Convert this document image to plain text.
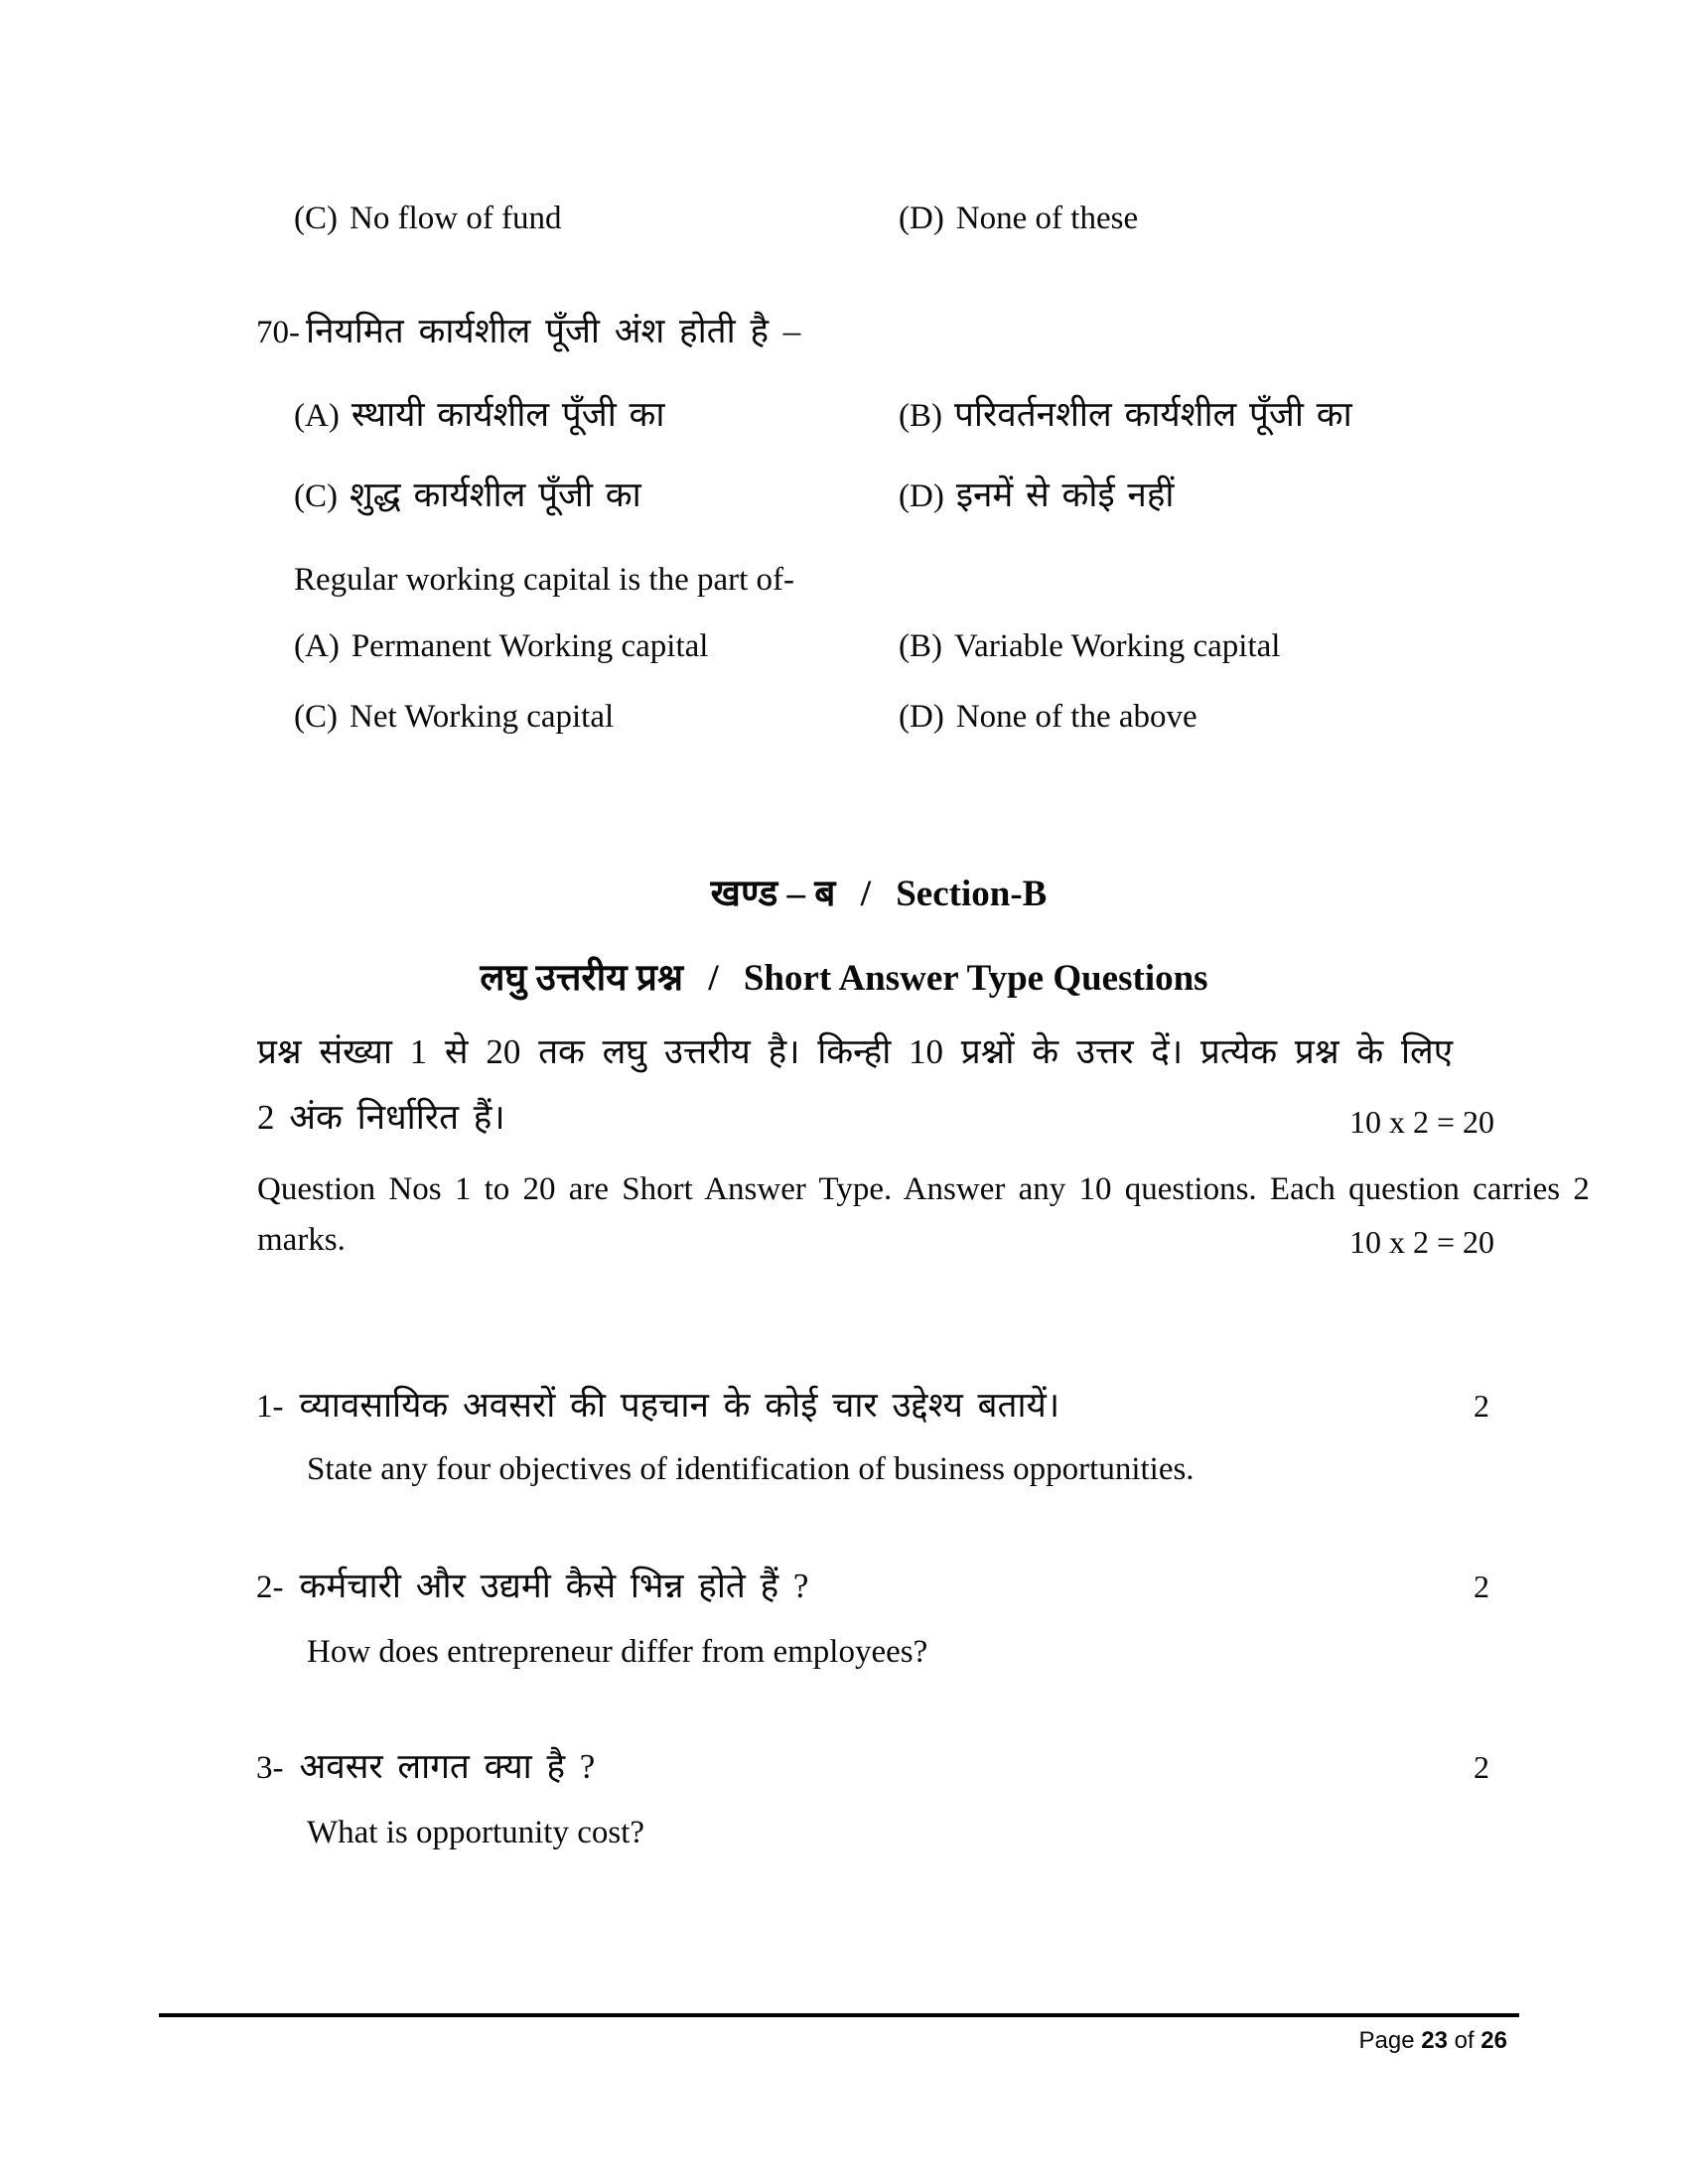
(C) No flow of fund	(D) None of these
70- नियमित कार्यशील पूँजी अंश होती है –
(A) स्थायी कार्यशील पूँजी का	(B) परिवर्तनशील कार्यशील पूँजी का
(C) शुद्ध कार्यशील पूँजी का	(D) इनमें से कोई नहीं
Regular working capital is the part of-
(A) Permanent Working capital	(B) Variable Working capital
(C) Net Working capital	(D) None of the above
खण्ड – ब / Section-B
लघु उत्तरीय प्रश्न / Short Answer Type Questions
प्रश्न संख्या 1 से 20 तक लघु उत्तरीय है। किन्ही 10 प्रश्नों के उत्तर दें। प्रत्येक प्रश्न के लिए
2 अंक निर्धारित हैं।	10 x 2 = 20
Question Nos 1 to 20 are Short Answer Type. Answer any 10 questions. Each question carries 2
marks.	10 x 2 = 20
1- व्यावसायिक अवसरों की पहचान के कोई चार उद्देश्य बतायें।	2
State any four objectives of identification of business opportunities.
2- कर्मचारी और उद्यमी कैसे भिन्न होते हैं ?	2
How does entrepreneur differ from employees?
3- अवसर लागत क्या है ?	2
What is opportunity cost?
Page 23 of 26
